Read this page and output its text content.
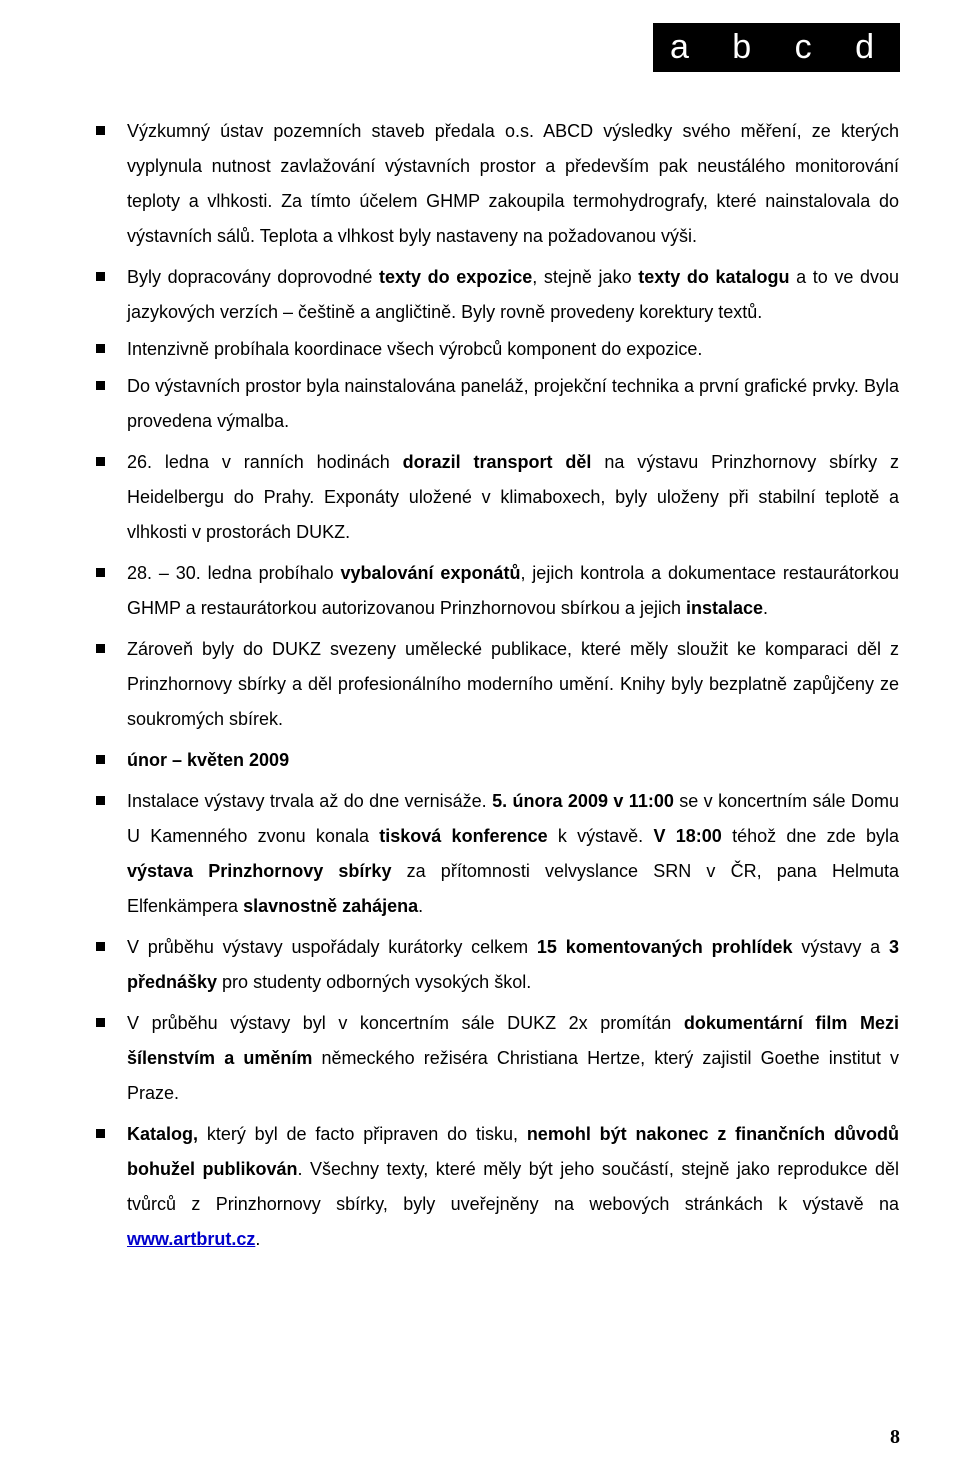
a b c d
Výzkumný ústav pozemních staveb předala o.s. ABCD výsledky svého měření, ze kterých vyplynula nutnost zavlažování výstavních prostor a především pak neustálého monitorování teploty a vlhkosti. Za tímto účelem GHMP zakoupila termohydrografy, které nainstalovala do výstavních sálů. Teplota a vlhkost byly nastaveny na požadovanou výši.
Byly dopracovány doprovodné texty do expozice, stejně jako texty do katalogu a to ve dvou jazykových verzích – češtině a angličtině. Byly rovně provedeny korektury textů.
Intenzivně probíhala koordinace všech výrobců komponent do expozice.
Do výstavních prostor byla nainstalována paneláž, projekční technika a první grafické prvky. Byla provedena výmalba.
26. ledna v ranních hodinách dorazil transport děl na výstavu Prinzhornovy sbírky z Heidelbergu do Prahy. Exponáty uložené v klimaboxech, byly uloženy při stabilní teplotě a vlhkosti v prostorách DUKZ.
28. – 30. ledna probíhalo vybalování exponátů, jejich kontrola a dokumentace restaurátorkou GHMP a restaurátorkou autorizovanou Prinzhornovou sbírkou a jejich instalace.
Zároveň byly do DUKZ svezeny umělecké publikace, které měly sloužit ke komparaci děl z Prinzhornovy sbírky a děl profesionálního moderního umění. Knihy byly bezplatně zapůjčeny ze soukromých sbírek.
únor – květen 2009
Instalace výstavy trvala až do dne vernisáže. 5. února 2009 v 11:00 se v koncertním sále Domu U Kamenného zvonu konala tisková konference k výstavě. V 18:00 téhož dne zde byla výstava Prinzhornovy sbírky za přítomnosti velvyslance SRN v ČR, pana Helmuta Elfenkämpera slavnostně zahájena.
V průběhu výstavy uspořádaly kurátorky celkem 15 komentovaných prohlídek výstavy a 3 přednášky pro studenty odborných vysokých škol.
V průběhu výstavy byl v koncertním sále DUKZ 2x promítán dokumentární film Mezi šílenstvím a uměním německého režiséra Christiana Hertze, který zajistil Goethe institut v Praze.
Katalog, který byl de facto připraven do tisku, nemohl být nakonec z finančních důvodů bohužel publikován. Všechny texty, které měly být jeho součástí, stejně jako reprodukce děl tvůrců z Prinzhornovy sbírky, byly uveřejněny na webových stránkách k výstavě na www.artbrut.cz.
8
